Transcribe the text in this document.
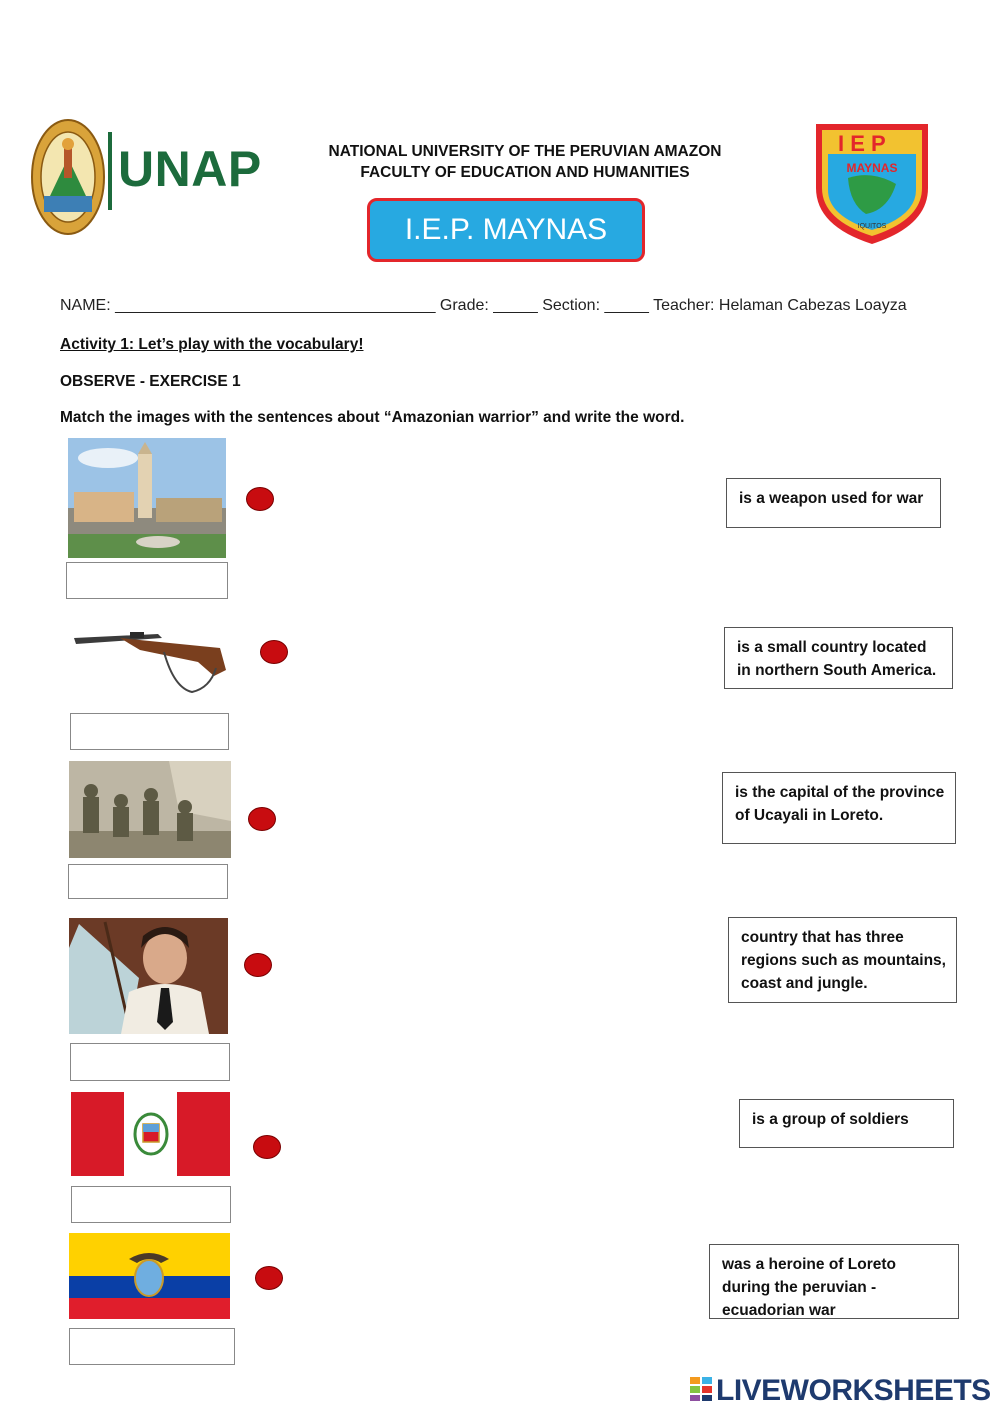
UNAP	NATIONAL UNIVERSITY OF THE PERUVIAN AMAZON
FACULTY OF EDUCATION AND HUMANITIES
I.E.P. MAYNAS
I E P
MAYNAS
IQUITOS
NAME: ____________________________________ Grade: _____ Section: _____ Teacher: Helaman Cabezas Loayza
Activity 1: Let’s play with the vocabulary!
OBSERVE - EXERCISE 1
Match the images with the sentences about “Amazonian warrior” and write the word.
is a weapon used for war
is a small country located in northern South America.
is the capital of the province of Ucayali in Loreto.
country that has three regions such as mountains, coast and jungle.
is a group of soldiers
was a heroine of Loreto during the peruvian - ecuadorian war
LIVEWORKSHEETS
